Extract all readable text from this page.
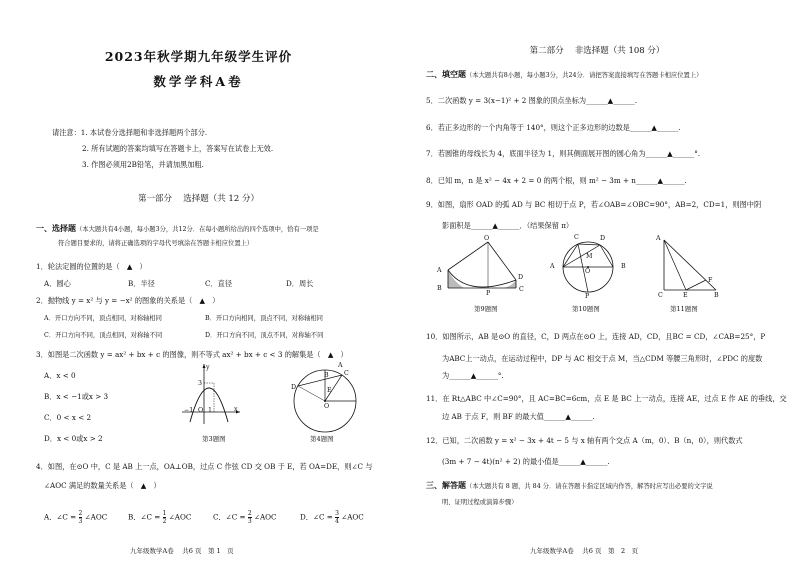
2023年秋学期九年级学生评价
数学学科A卷
请注意：1. 本试卷分选择题和非选择题两个部分.
2. 所有试题的答案均填写在答题卡上，答案写在试卷上无效.
3. 作图必须用2B铅笔，并请加黑加粗.
第一部分　 选择题（共 12 分）
一、选择题（本大题共有4小题，每小题3分，共12分．在每小题所给出的四个选项中，恰有一项是
符合题目要求的，请将正确选项的字母代号填涂在答题卡相应位置上）
1．轮法定圆的位置的是（　▲　）
A．圆心	B．半径	C．直径	D．周长
2．抛物线 y = x² 与 y = −x² 的图象的关系是（　▲　）
A．开口方向不同，顶点相同，对称轴相同	B．开口方向相同，顶点不同，对称轴相同
C．开口方向不同，顶点相同，对称轴不同	D．开口方向不同，顶点不同，对称轴不同
3．如图是二次函数 y = ax² + bx + c 的图像，则不等式 ax² + bx + c < 3 的解集是（　▲　）
A．x < 0
B．x < −1或x > 3
C．0 < x < 2
D．x < 0或x > 2
y
3
x
−1 O 1
第3题图
A
B C
D	E
O
第4题图
4．如图，在⊙O 中，C 是 AB 上一点，OA⊥OB，过点 C 作弦 CD 交 OB 于 E，若 OA=DE，则∠C 与
∠AOC 满足的数量关系是（　▲　）
A．∠C = $\frac{2}{3}$ ∠AOC	B．∠C = $\frac{1}{2}$ ∠AOC	C．∠C = $\frac{2}{3}$ ∠AOC	D．∠C = $\frac{3}{4}$ ∠AOC
九年级数学A卷　 共6 页　第 1　页
第二部分　 非选择题（共 108 分）
二、填空题（本大题共有8小题，每小题3分，共24分．请把答案直接填写在答题卡相应位置上）
5．二次函数 y = 3(x−1)² + 2 图象的顶点坐标为______▲______.
6．若正多边形的一个内角等于 140°，则这个正多边形的边数是______▲______.
7．若圆锥的母线长为 4，底面半径为 1，则其侧面展开图的圆心角为______▲______°.
8．已知 m，n 是 x² − 4x + 2 = 0 的两个根，则 m² − 3m + n______▲______.
9．如图，扇形 OAD 的弧 AD 与 BC 相切于点 P，若∠OAB=∠OBC=90°，AB=2，CD=1，则图中阴
影面积是______▲______．（结果保留 π）
O
A
B
P
D
C
第9题图
C	D
M
A	B
O
P
第10题图
A
C	E
F
B
第11题图
10．如图所示，AB 是⊙O 的直径，C，D 两点在⊙O 上，连接 AD，CD，且BC = CD，∠CAB=25°，P
为ABC上一动点，在运动过程中，DP 与 AC 相交于点 M，当△CDM 等腰三角形时，∠PDC 的度数
为______▲______°.
11．在 Rt△ABC 中∠C=90°，且 AC=BC=6cm，点 E 是 BC 上一动点，连接 AE，过点 E 作 AE 的垂线，交
边 AB 于点 F，则 BF 的最大值______▲______.
12．已知，二次函数 y = x² − 3x + 4t − 5 与 x 轴有两个交点 A（m，0）、B（n，0），则代数式
(3m + 7 − 4t)(n² + 2) 的最小值是______▲______.
三、解答题（本大题共有 8 题，共 84 分．请在答题卡指定区域内作答，解答时应写出必要的文字说
明、证明过程或演算步骤）
九年级数学A卷　 共6 页　第　2　页
